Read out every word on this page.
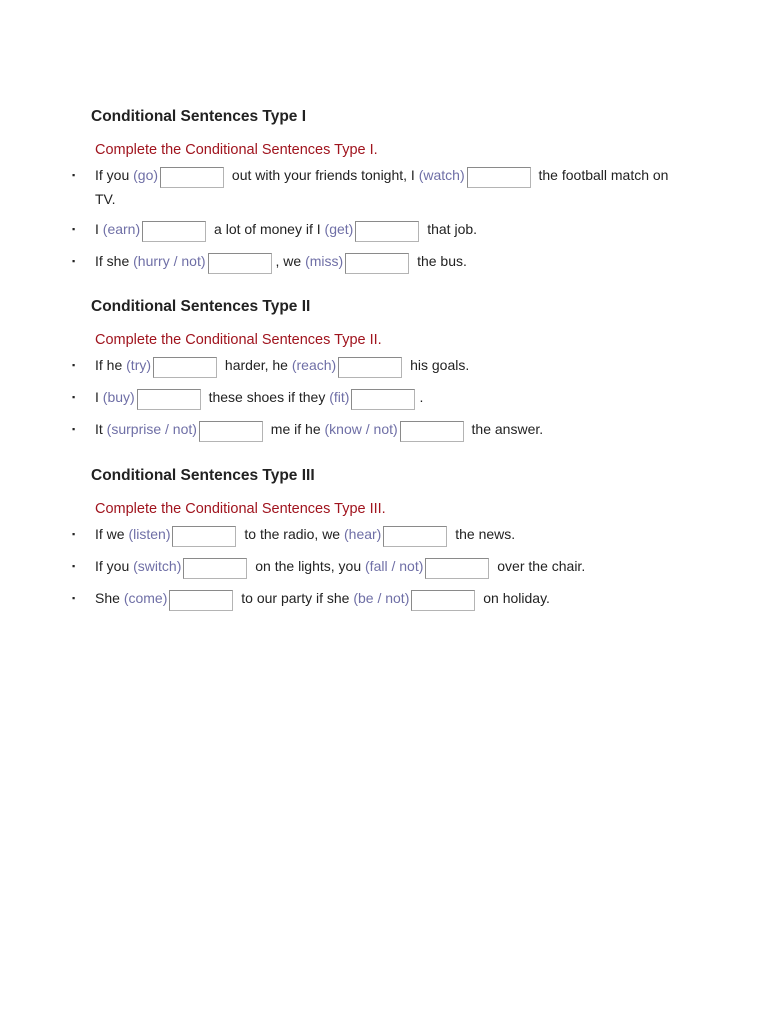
Conditional Sentences Type I

Complete the Conditional Sentences Type I.

▪ If you (go)	out with your friends tonight, I (watch)	the football match on TV.
▪ I (earn)	a lot of money if I (get)	that job.
▪ If she (hurry / not)	, we (miss)	the bus.
Conditional Sentences Type II

Complete the Conditional Sentences Type II.

▪ If he (try)	harder, he (reach)	his goals.
▪ I (buy)	these shoes if they (fit)	.
▪ It (surprise / not)	me if he (know / not)	the answer.
Conditional Sentences Type III

Complete the Conditional Sentences Type III.

▪ If we (listen)	to the radio, we (hear)	the news.
▪ If you (switch)	on the lights, you (fall / not)	over the chair.
▪ She (come)	to our party if she (be / not)	on holiday.
